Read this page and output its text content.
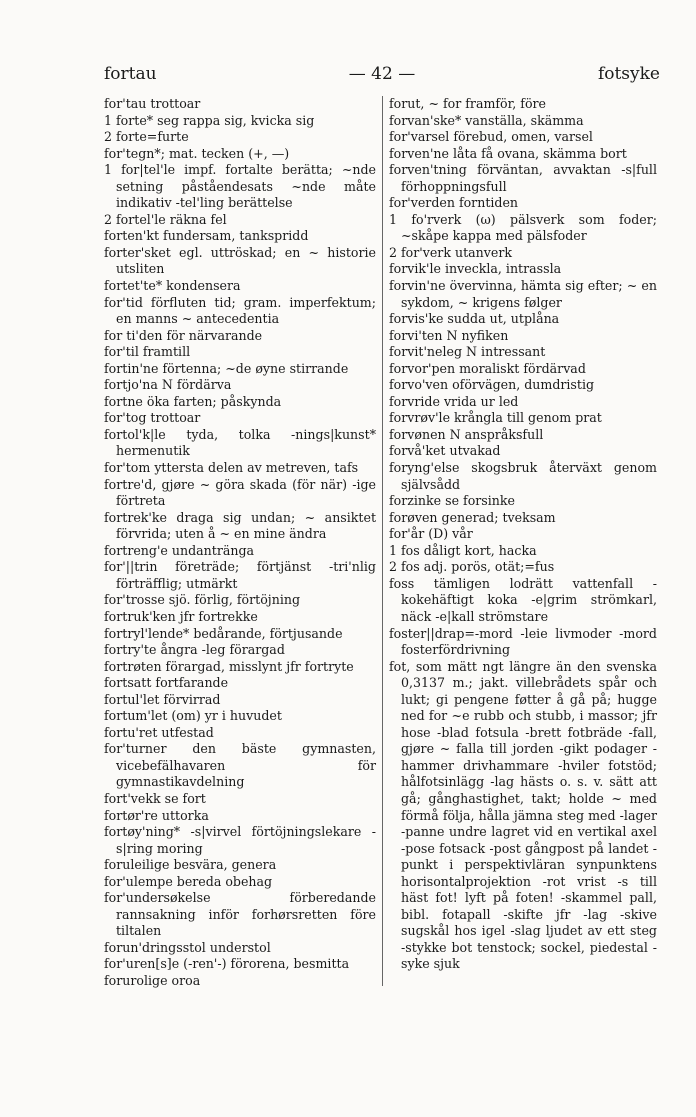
fortau	— 42 —	fotsyke

for'tau trottoar

1 forte* seg rappa sig, kvicka sig

2 forte=furte

for'tegn*; mat. tecken (+, —)

1 for|tel'le impf. fortalte berätta; ~nde setning påståendesats ~nde måte indikativ -tel'ling berättelse

2 fortel'le räkna fel

forten'kt fundersam, tankspridd

forter'sket egl. uttröskad; en ~ historie utsliten

fortet'te* kondensera

for'tid förfluten tid; gram. imperfektum; en manns ~ antecedentia

for ti'den för närvarande

for'til framtill

fortin'ne förtenna; ~de øyne stirrande

fortjo'na N fördärva

fortne öka farten; påskynda

for'tog trottoar

fortol'k|le tyda, tolka -nings|kunst* hermenutik

for'tom yttersta delen av metreven, tafs

fortre'd, gjøre ~ göra skada (för när) -ige förtreta

fortrek'ke draga sig undan; ~ ansiktet förvrida; uten å ~ en mine ändra

fortreng'e undanträngа

for'||trin företräde; förtjänst -tri'nlig förträfflig; utmärkt

for'trosse sjö. förlig, förtöjning

fortruk'ken jfr fortrekke

fortryl'lende* bedårande, förtjusande

fortry'te ångra -leg förargad

fortrøten förargad, misslynt jfr fortryte

fortsatt fortfarande

fortul'let förvirrad

fortum'let (om) yr i huvudet

fortu'ret utfestad

for'turner den bäste gymnasten, vicebefälhavaren för gymnastikavdelning

fort'vekk se fort

fortør're uttorka

fortøy'ning* -s|virvel förtöjningslekare -s|ring moring

foruleilige besvära, genera

for'ulempe bereda obehag

for'undersøkelse förberedande rannsakning inför forhørsretten före tiltalen

forun'dringsstol understol

for'uren[s]e (-ren'-) förorena, besmitta

forurolige oroa

forut, ~ for framför, före

forvan'ske* vanställa, skämma

for'varsel förebud, omen, varsel

forven'ne låta få ovana, skämma bort

forven'tning förväntan, avvaktan -s|full förhoppningsfull

for'verden forntiden

1 fo'rverk (ω) pälsverk som foder; ~skåpe kappa med pälsfoder

2 for'verk utanverk

forvik'le inveckla, intrassla

forvin'ne övervinna, hämta sig efter; ~ en sykdom, ~ krigens følger

forvis'ke sudda ut, utplåna

forvi'ten N nyfiken

forvit'neleg N intressant

forvor'pen moraliskt fördärvad

forvo'ven oförvägen, dumdristig

forvride vrida ur led

forvrøv'le krångla till genom prat

forvønen N anspråksfull

forvå'ket utvakad

foryng'else skogsbruk återväxt genom självsådd

forzinke se forsinke

forøven generad; tveksam

for'år (D) vår

1 fos dåligt kort, hacka

2 fos adj. porös, otät;=fus

foss tämligen lodrätt vattenfall -kokehäftigt koka -e|grim strömkarl, näck -e|kall strömstare

foster||drap=-mord -leie livmoder -mord fosterfördrivning

fot, som mätt ngt längre än den svenska 0,3137 m.; jakt. villebrådets spår och lukt; gi pengene føtter å gå på; hugge ned for ~e rubb och stubb, i massor; jfr hose -blad fotsula -brett fotbräde -fall, gjøre ~ falla till jorden -gikt podager -hammer drivhammare -hviler fotstöd; hålfotsinlägg -lag hästs o. s. v. sätt att gå; gånghastighet, takt; holde ~ med förmå följa, hålla jämna steg med -lager -panne undre lagret vid en vertikal axel -pose fotsack -post gångpost på landet -punkt i perspektivläran synpunktens horisontalprojektion -rot vrist -s till häst fot! lyft på foten! -skammel pall, bibl. fotapall -skifte jfr -lag -skive sugskål hos igel -slag ljudet av ett steg -stykke bot tenstock; sockel, piedestal -syke sjuk
